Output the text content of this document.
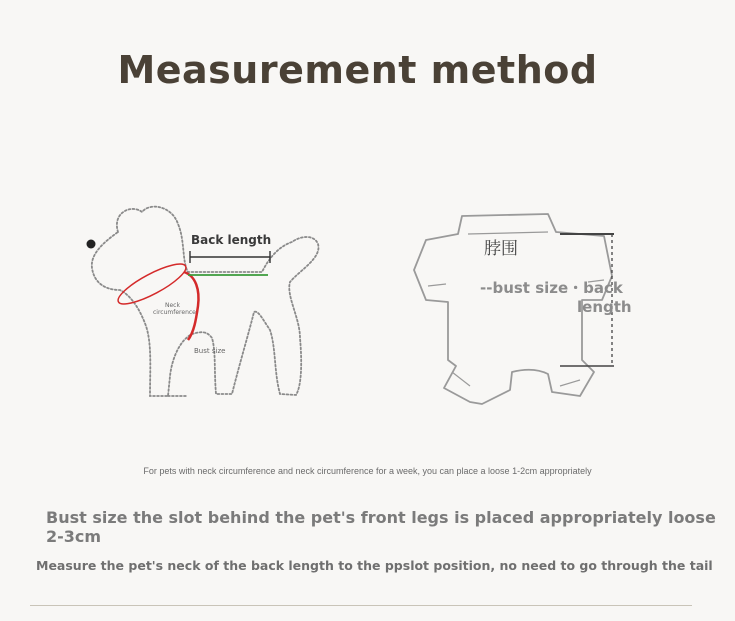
Measurement method
Back length
Neck
circumference
Bust size
脖围
--bust size・back
length
For pets with neck circumference and neck circumference for a week, you can place a loose 1-2cm appropriately
Bust size the slot behind the pet's front legs is placed appropriately loose 2-3cm
Measure the pet's neck of the back length to the ppslot position, no need to go through the tail
